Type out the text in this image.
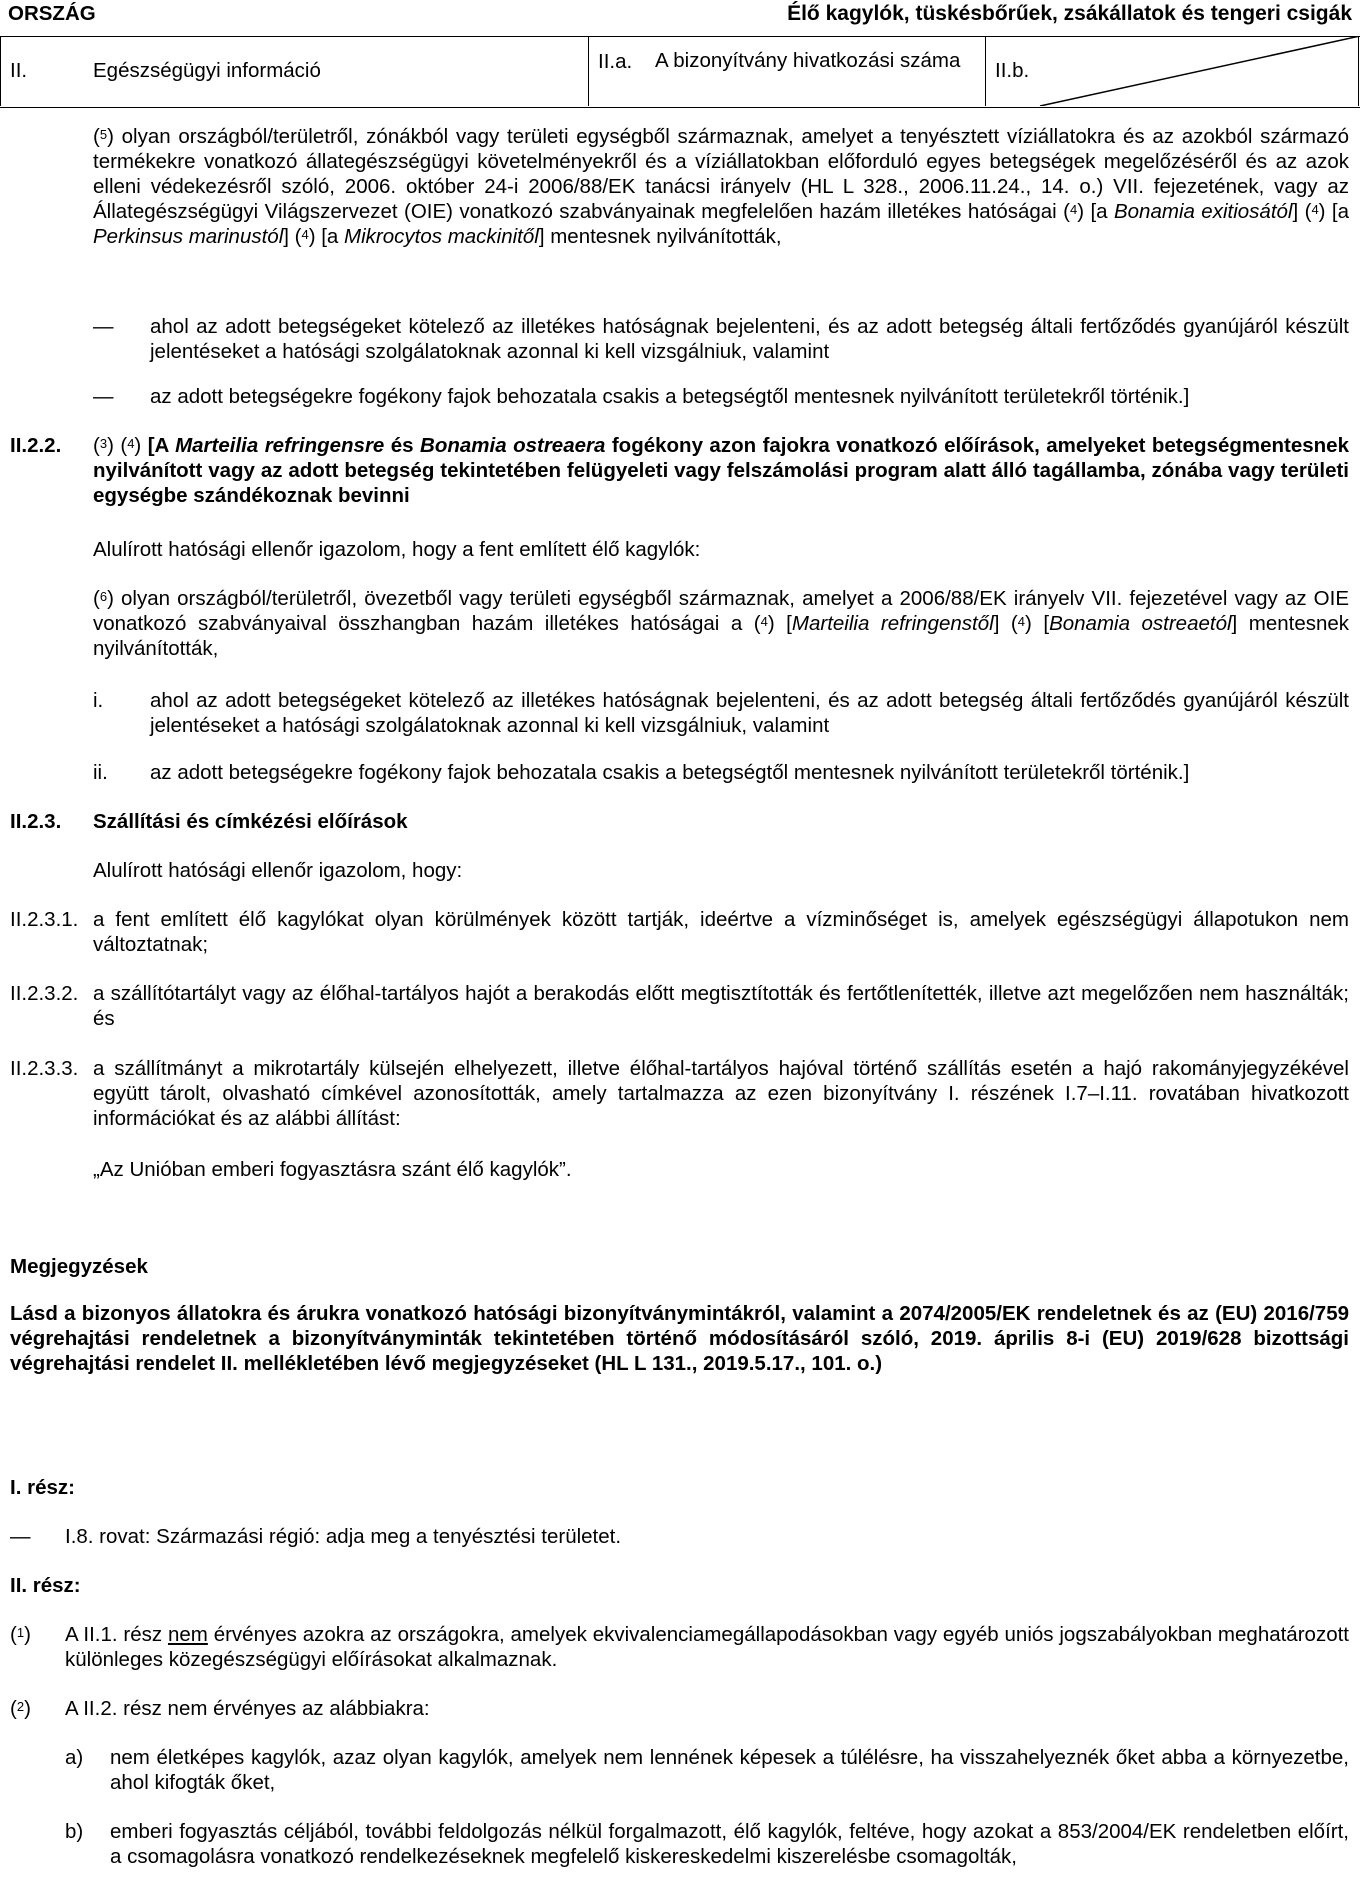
ORSZÁG	Élő kagylók, tüskésbőrűek, zsákállatok és tengeri csigák
II.	Egészségügyi információ	II.a. A bizonyítvány hivatkozási száma	II.b.
($^5$) olyan országból/területről, zónákból vagy területi egységből származnak, amelyet a tenyésztett víziállatokra és az azokból származó termékekre vonatkozó állategészségügyi követelményekről és a víziállatokban előforduló egyes betegségek megelőzéséről és az azok elleni védekezésről szóló, 2006. október 24-i 2006/88/EK tanácsi irányelv (HL L 328., 2006.11.24., 14. o.) VII. fejezetének, vagy az Állategészségügyi Világszervezet (OIE) vonatkozó szabványainak megfelelően hazám illetékes hatóságai ($^4$) [a Bonamia exitiosától] ($^4$) [a Perkinsus marinustól] ($^4$) [a Mikrocytos mackinitől] mentesnek nyilvánították,
— ahol az adott betegségeket kötelező az illetékes hatóságnak bejelenteni, és az adott betegség általi fertőződés gyanújáról készült jelentéseket a hatósági szolgálatoknak azonnal ki kell vizsgálniuk, valamint
— az adott betegségekre fogékony fajok behozatala csakis a betegségtől mentesnek nyilvánított területekről történik.]
II.2.2. ($^3$) ($^4$) [A Marteilia refringensre és Bonamia ostreaera fogékony azon fajokra vonatkozó előírások, amelyeket betegségmentesnek nyilvánított vagy az adott betegség tekintetében felügyeleti vagy felszámolási program alatt álló tagállamba, zónába vagy területi egységbe szándékoznak bevinni
Alulírott hatósági ellenőr igazolom, hogy a fent említett élő kagylók:
($^6$) olyan országból/területről, övezetből vagy területi egységből származnak, amelyet a 2006/88/EK irányelv VII. fejezetével vagy az OIE vonatkozó szabványaival összhangban hazám illetékes hatóságai a ($^4$) [Marteilia refringenstől] ($^4$) [Bonamia ostreaetól] mentesnek nyilvánították,
i. ahol az adott betegségeket kötelező az illetékes hatóságnak bejelenteni, és az adott betegség általi fertőződés gyanújáról készült jelentéseket a hatósági szolgálatoknak azonnal ki kell vizsgálniuk, valamint
ii. az adott betegségekre fogékony fajok behozatala csakis a betegségtől mentesnek nyilvánított területekről történik.]
II.2.3. Szállítási és címkézési előírások
Alulírott hatósági ellenőr igazolom, hogy:
II.2.3.1. a fent említett élő kagylókat olyan körülmények között tartják, ideértve a vízminőséget is, amelyek egészségügyi állapotukon nem változtatnak;
II.2.3.2. a szállítótartályt vagy az élőhal-tartályos hajót a berakodás előtt megtisztították és fertőtlenítették, illetve azt megelőzően nem használták; és
II.2.3.3. a szállítmányt a mikrotartály külsején elhelyezett, illetve élőhal-tartályos hajóval történő szállítás esetén a hajó rakományjegyzékével együtt tárolt, olvasható címkével azonosították, amely tartalmazza az ezen bizonyítvány I. részének I.7–I.11. rovatában hivatkozott információkat és az alábbi állítást:
„Az Unióban emberi fogyasztásra szánt élő kagylók”.
Megjegyzések
Lásd a bizonyos állatokra és árukra vonatkozó hatósági bizonyítványmintákról, valamint a 2074/2005/EK rendeletnek és az (EU) 2016/759 végrehajtási rendeletnek a bizonyítványminták tekintetében történő módosításáról szóló, 2019. április 8-i (EU) 2019/628 bizottsági végrehajtási rendelet II. mellékletében lévő megjegyzéseket (HL L 131., 2019.5.17., 101. o.)
I. rész:
— I.8. rovat: Származási régió: adja meg a tenyésztési területet.
II. rész:
($^1$) A II.1. rész nem érvényes azokra az országokra, amelyek ekvivalenciamegállapodásokban vagy egyéb uniós jogszabályokban meghatározott különleges közegészségügyi előírásokat alkalmaznak.
($^2$) A II.2. rész nem érvényes az alábbiakra:
a) nem életképes kagylók, azaz olyan kagylók, amelyek nem lennének képesek a túlélésre, ha visszahelyeznék őket abba a környezetbe, ahol kifogták őket,
b) emberi fogyasztás céljából, további feldolgozás nélkül forgalmazott, élő kagylók, feltéve, hogy azokat a 853/2004/EK rendeletben előírt, a csomagolásra vonatkozó rendelkezéseknek megfelelő kiskereskedelmi kiszerelésbe csomagolták,
